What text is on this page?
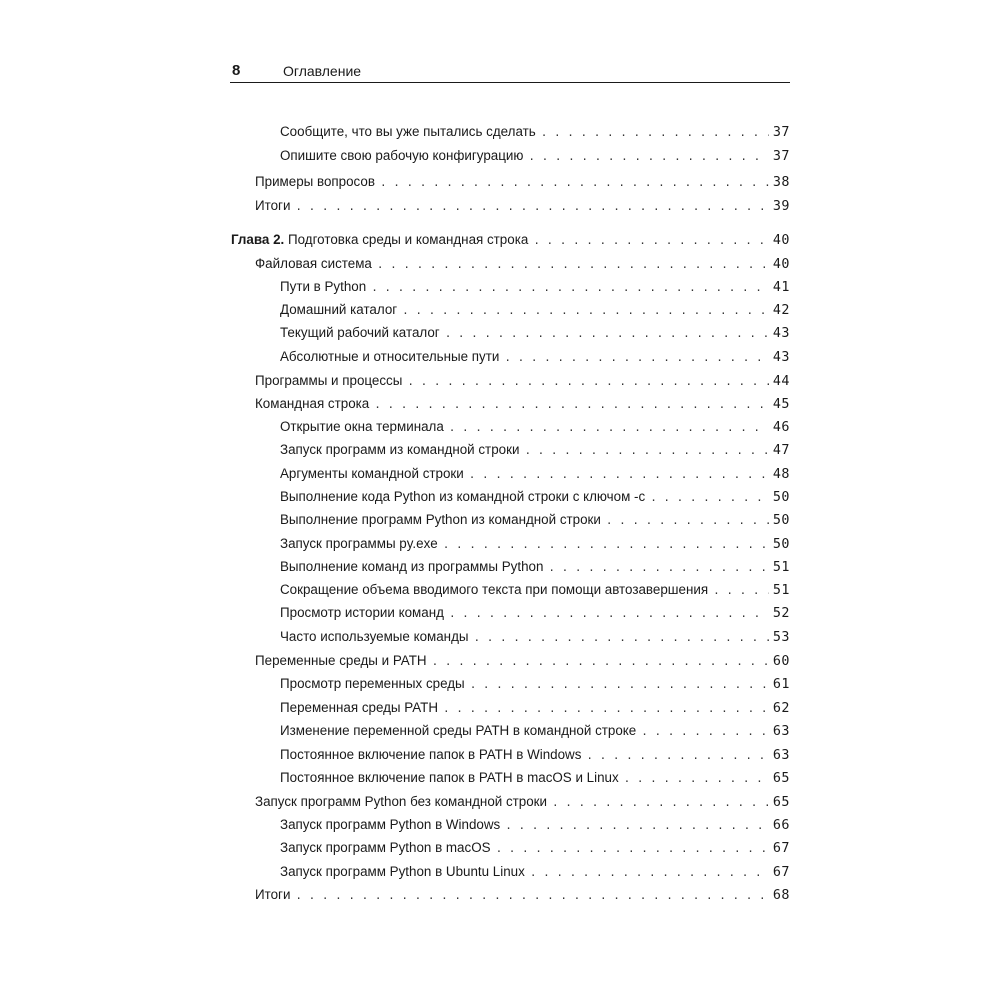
8	Оглавление
Сообщите, что вы уже пытались сделать . . .	37
Опишите свою рабочую конфигурацию . . .	37
Примеры вопросов . . .	38
Итоги . . .	39
Глава 2. Подготовка среды и командная строка . . .	40
Файловая система . . .	40
Пути в Python . . .	41
Домашний каталог . . .	42
Текущий рабочий каталог . . .	43
Абсолютные и относительные пути . . .	43
Программы и процессы . . .	44
Командная строка . . .	45
Открытие окна терминала . . .	46
Запуск программ из командной строки . . .	47
Аргументы командной строки . . .	48
Выполнение кода Python из командной строки с ключом -c . . .	50
Выполнение программ Python из командной строки . . .	50
Запуск программы py.exe . . .	50
Выполнение команд из программы Python . . .	51
Сокращение объема вводимого текста при помощи автозавершения . . .	51
Просмотр истории команд . . .	52
Часто используемые команды . . .	53
Переменные среды и PATH . . .	60
Просмотр переменных среды . . .	61
Переменная среды PATH . . .	62
Изменение переменной среды PATH в командной строке . . .	63
Постоянное включение папок в PATH в Windows . . .	63
Постоянное включение папок в PATH в macOS и Linux . . .	65
Запуск программ Python без командной строки . . .	65
Запуск программ Python в Windows . . .	66
Запуск программ Python в macOS . . .	67
Запуск программ Python в Ubuntu Linux . . .	67
Итоги . . .	68
